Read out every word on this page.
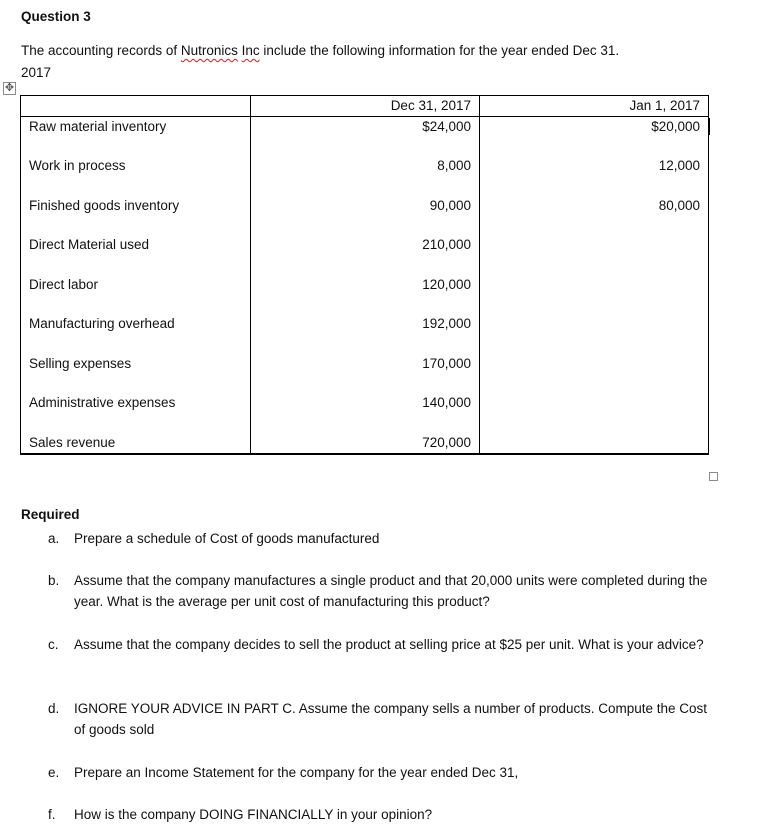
Question 3
The accounting records of Nutronics Inc include the following information for the year ended Dec 31.
2017
✥
	Dec 31, 2017	Jan 1, 2017
Raw material inventory	$24,000	$20,000
Work in process	8,000	12,000
Finished goods inventory	90,000	80,000
Direct Material used	210,000	
Direct labor	120,000	
Manufacturing overhead	192,000	
Selling expenses	170,000	
Administrative expenses	140,000	
Sales revenue	720,000	
Required
a. Prepare a schedule of Cost of goods manufactured
b. Assume that the company manufactures a single product and that 20,000 units were completed during the year. What is the average per unit cost of manufacturing this product?
c. Assume that the company decides to sell the product at selling price at $25 per unit. What is your advice?
d. IGNORE YOUR ADVICE IN PART C. Assume the company sells a number of products. Compute the Cost of goods sold
e. Prepare an Income Statement for the company for the year ended Dec 31,
f. How is the company DOING FINANCIALLY in your opinion?
